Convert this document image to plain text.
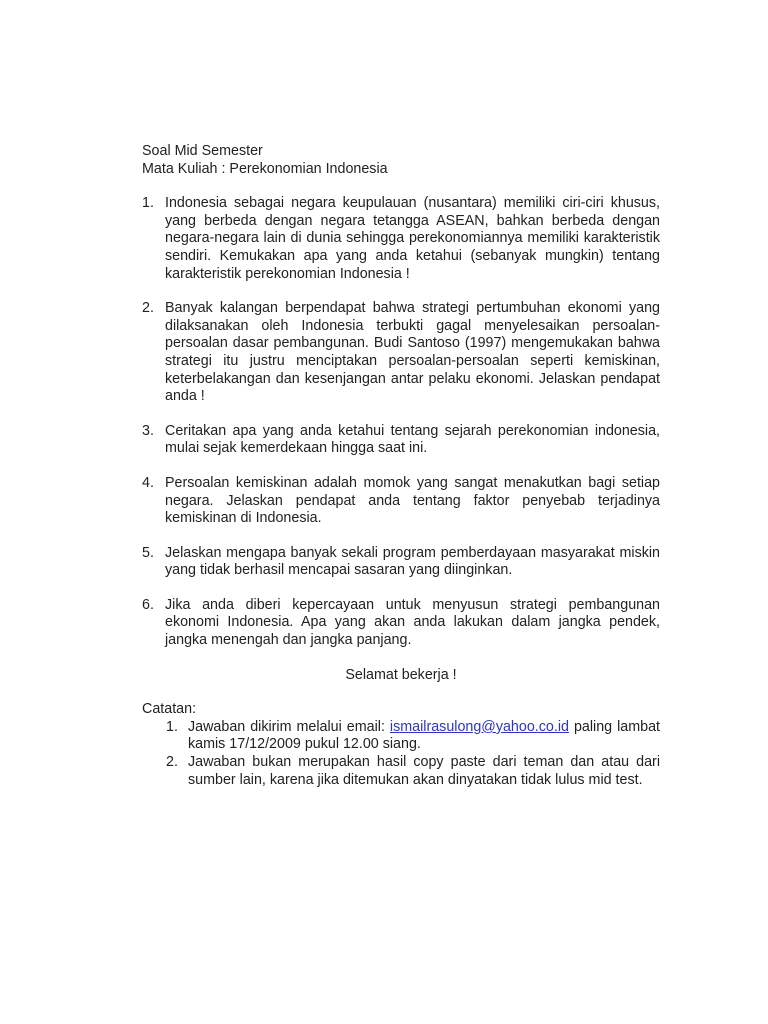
Soal Mid Semester

Mata Kuliah : Perekonomian Indonesia

1. Indonesia sebagai negara keupulauan (nusantara) memiliki ciri-ciri khusus, yang berbeda dengan negara tetangga ASEAN, bahkan berbeda dengan negara-negara lain di dunia sehingga perekonomiannya memiliki karakteristik sendiri. Kemukakan apa yang anda ketahui (sebanyak mungkin) tentang karakteristik perekonomian Indonesia !
2. Banyak kalangan berpendapat bahwa strategi pertumbuhan ekonomi yang dilaksanakan oleh Indonesia terbukti gagal menyelesaikan persoalan-persoalan dasar pembangunan. Budi Santoso (1997) mengemukakan bahwa strategi itu justru menciptakan persoalan-persoalan seperti kemiskinan, keterbelakangan dan kesenjangan antar pelaku ekonomi. Jelaskan pendapat anda !
3. Ceritakan apa yang anda ketahui tentang sejarah perekonomian indonesia, mulai sejak kemerdekaan hingga saat ini.
4. Persoalan kemiskinan adalah momok yang sangat menakutkan bagi setiap negara. Jelaskan pendapat anda tentang faktor penyebab terjadinya kemiskinan di Indonesia.
5. Jelaskan mengapa banyak sekali program pemberdayaan masyarakat miskin yang tidak berhasil mencapai sasaran yang diinginkan.
6. Jika anda diberi kepercayaan untuk menyusun strategi pembangunan ekonomi Indonesia. Apa yang akan anda lakukan dalam jangka pendek, jangka menengah dan jangka panjang.

Selamat bekerja !

Catatan:

1. Jawaban dikirim melalui email: ismailrasulong@yahoo.co.id paling lambat kamis 17/12/2009 pukul 12.00 siang.
2. Jawaban bukan merupakan hasil copy paste dari teman dan atau dari sumber lain, karena jika ditemukan akan dinyatakan tidak lulus mid test.
